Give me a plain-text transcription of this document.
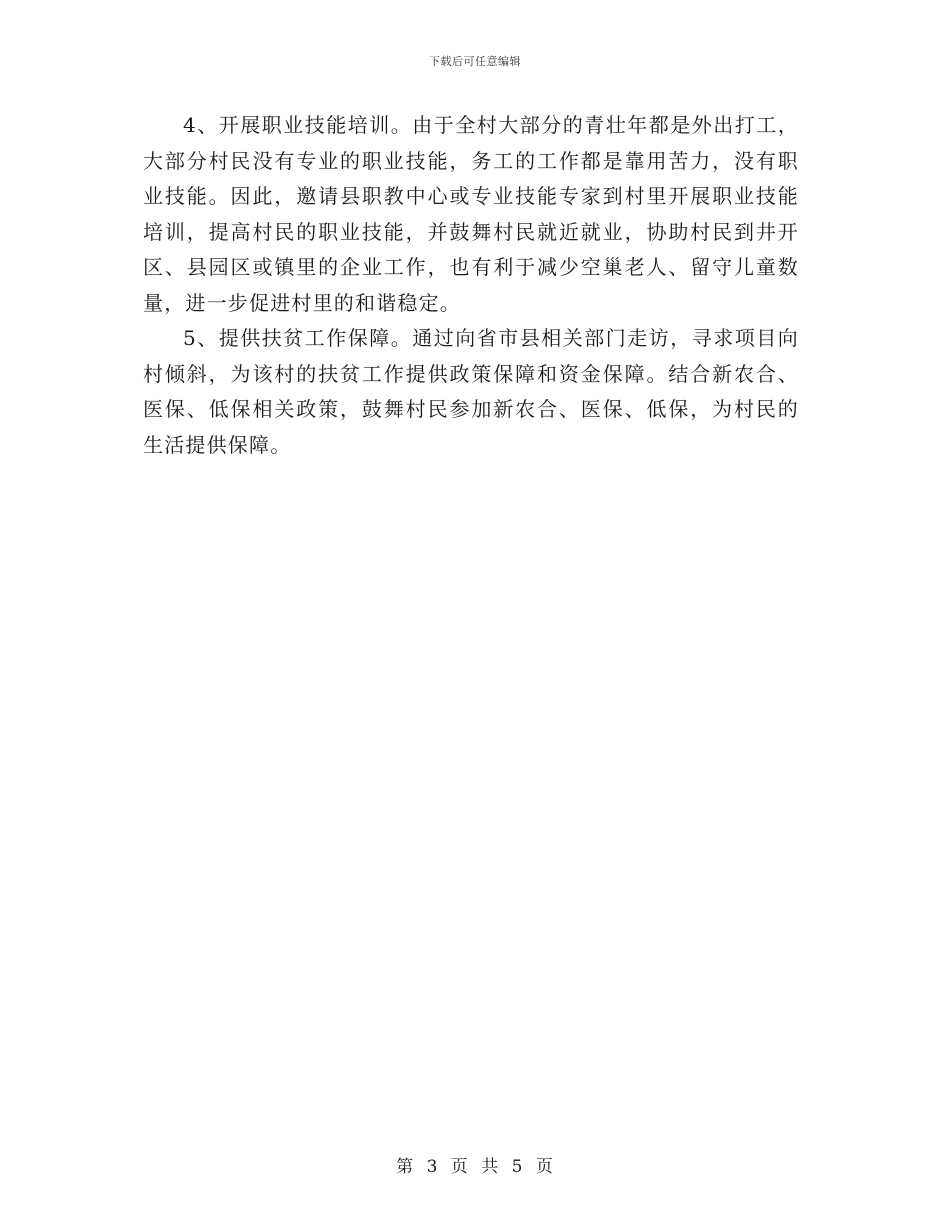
下载后可任意编辑

4、开展职业技能培训。由于全村大部分的青壮年都是外出打工，大部分村民没有专业的职业技能，务工的工作都是靠用苦力，没有职业技能。因此，邀请县职教中心或专业技能专家到村里开展职业技能培训，提高村民的职业技能，并鼓舞村民就近就业，协助村民到井开区、县园区或镇里的企业工作，也有利于减少空巢老人、留守儿童数量，进一步促进村里的和谐稳定。

5、提供扶贫工作保障。通过向省市县相关部门走访，寻求项目向村倾斜，为该村的扶贫工作提供政策保障和资金保障。结合新农合、医保、低保相关政策，鼓舞村民参加新农合、医保、低保，为村民的生活提供保障。

第 3 页 共 5 页
